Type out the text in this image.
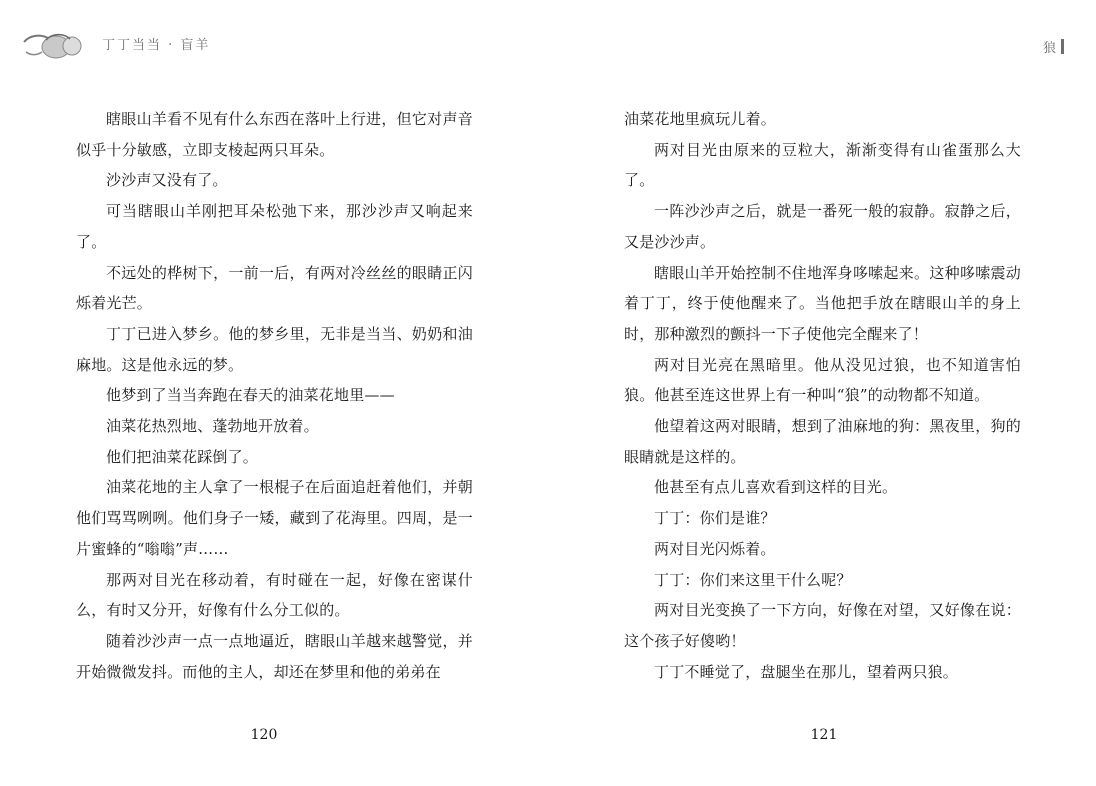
丁丁当当 · 盲羊	狼

瞎眼山羊看不见有什么东西在落叶上行进，但它对声音似乎十分敏感，立即支棱起两只耳朵。

沙沙声又没有了。

可当瞎眼山羊刚把耳朵松弛下来，那沙沙声又响起来了。

不远处的桦树下，一前一后，有两对冷丝丝的眼睛正闪烁着光芒。

丁丁已进入梦乡。他的梦乡里，无非是当当、奶奶和油麻地。这是他永远的梦。

他梦到了当当奔跑在春天的油菜花地里——

油菜花热烈地、蓬勃地开放着。

他们把油菜花踩倒了。

油菜花地的主人拿了一根棍子在后面追赶着他们，并朝他们骂骂咧咧。他们身子一矮，藏到了花海里。四周，是一片蜜蜂的“嗡嗡”声……

那两对目光在移动着，有时碰在一起，好像在密谋什么，有时又分开，好像有什么分工似的。

随着沙沙声一点一点地逼近，瞎眼山羊越来越警觉，并开始微微发抖。而他的主人，却还在梦里和他的弟弟在

油菜花地里疯玩儿着。

两对目光由原来的豆粒大，渐渐变得有山雀蛋那么大了。

一阵沙沙声之后，就是一番死一般的寂静。寂静之后，又是沙沙声。

瞎眼山羊开始控制不住地浑身哆嗦起来。这种哆嗦震动着丁丁，终于使他醒来了。当他把手放在瞎眼山羊的身上时，那种激烈的颤抖一下子使他完全醒来了！

两对目光亮在黑暗里。他从没见过狼，也不知道害怕狼。他甚至连这世界上有一种叫“狼”的动物都不知道。

他望着这两对眼睛，想到了油麻地的狗：黑夜里，狗的眼睛就是这样的。

他甚至有点儿喜欢看到这样的目光。

丁丁：你们是谁？

两对目光闪烁着。

丁丁：你们来这里干什么呢？

两对目光变换了一下方向，好像在对望，又好像在说：这个孩子好傻哟！

丁丁不睡觉了，盘腿坐在那儿，望着两只狼。

120	121
